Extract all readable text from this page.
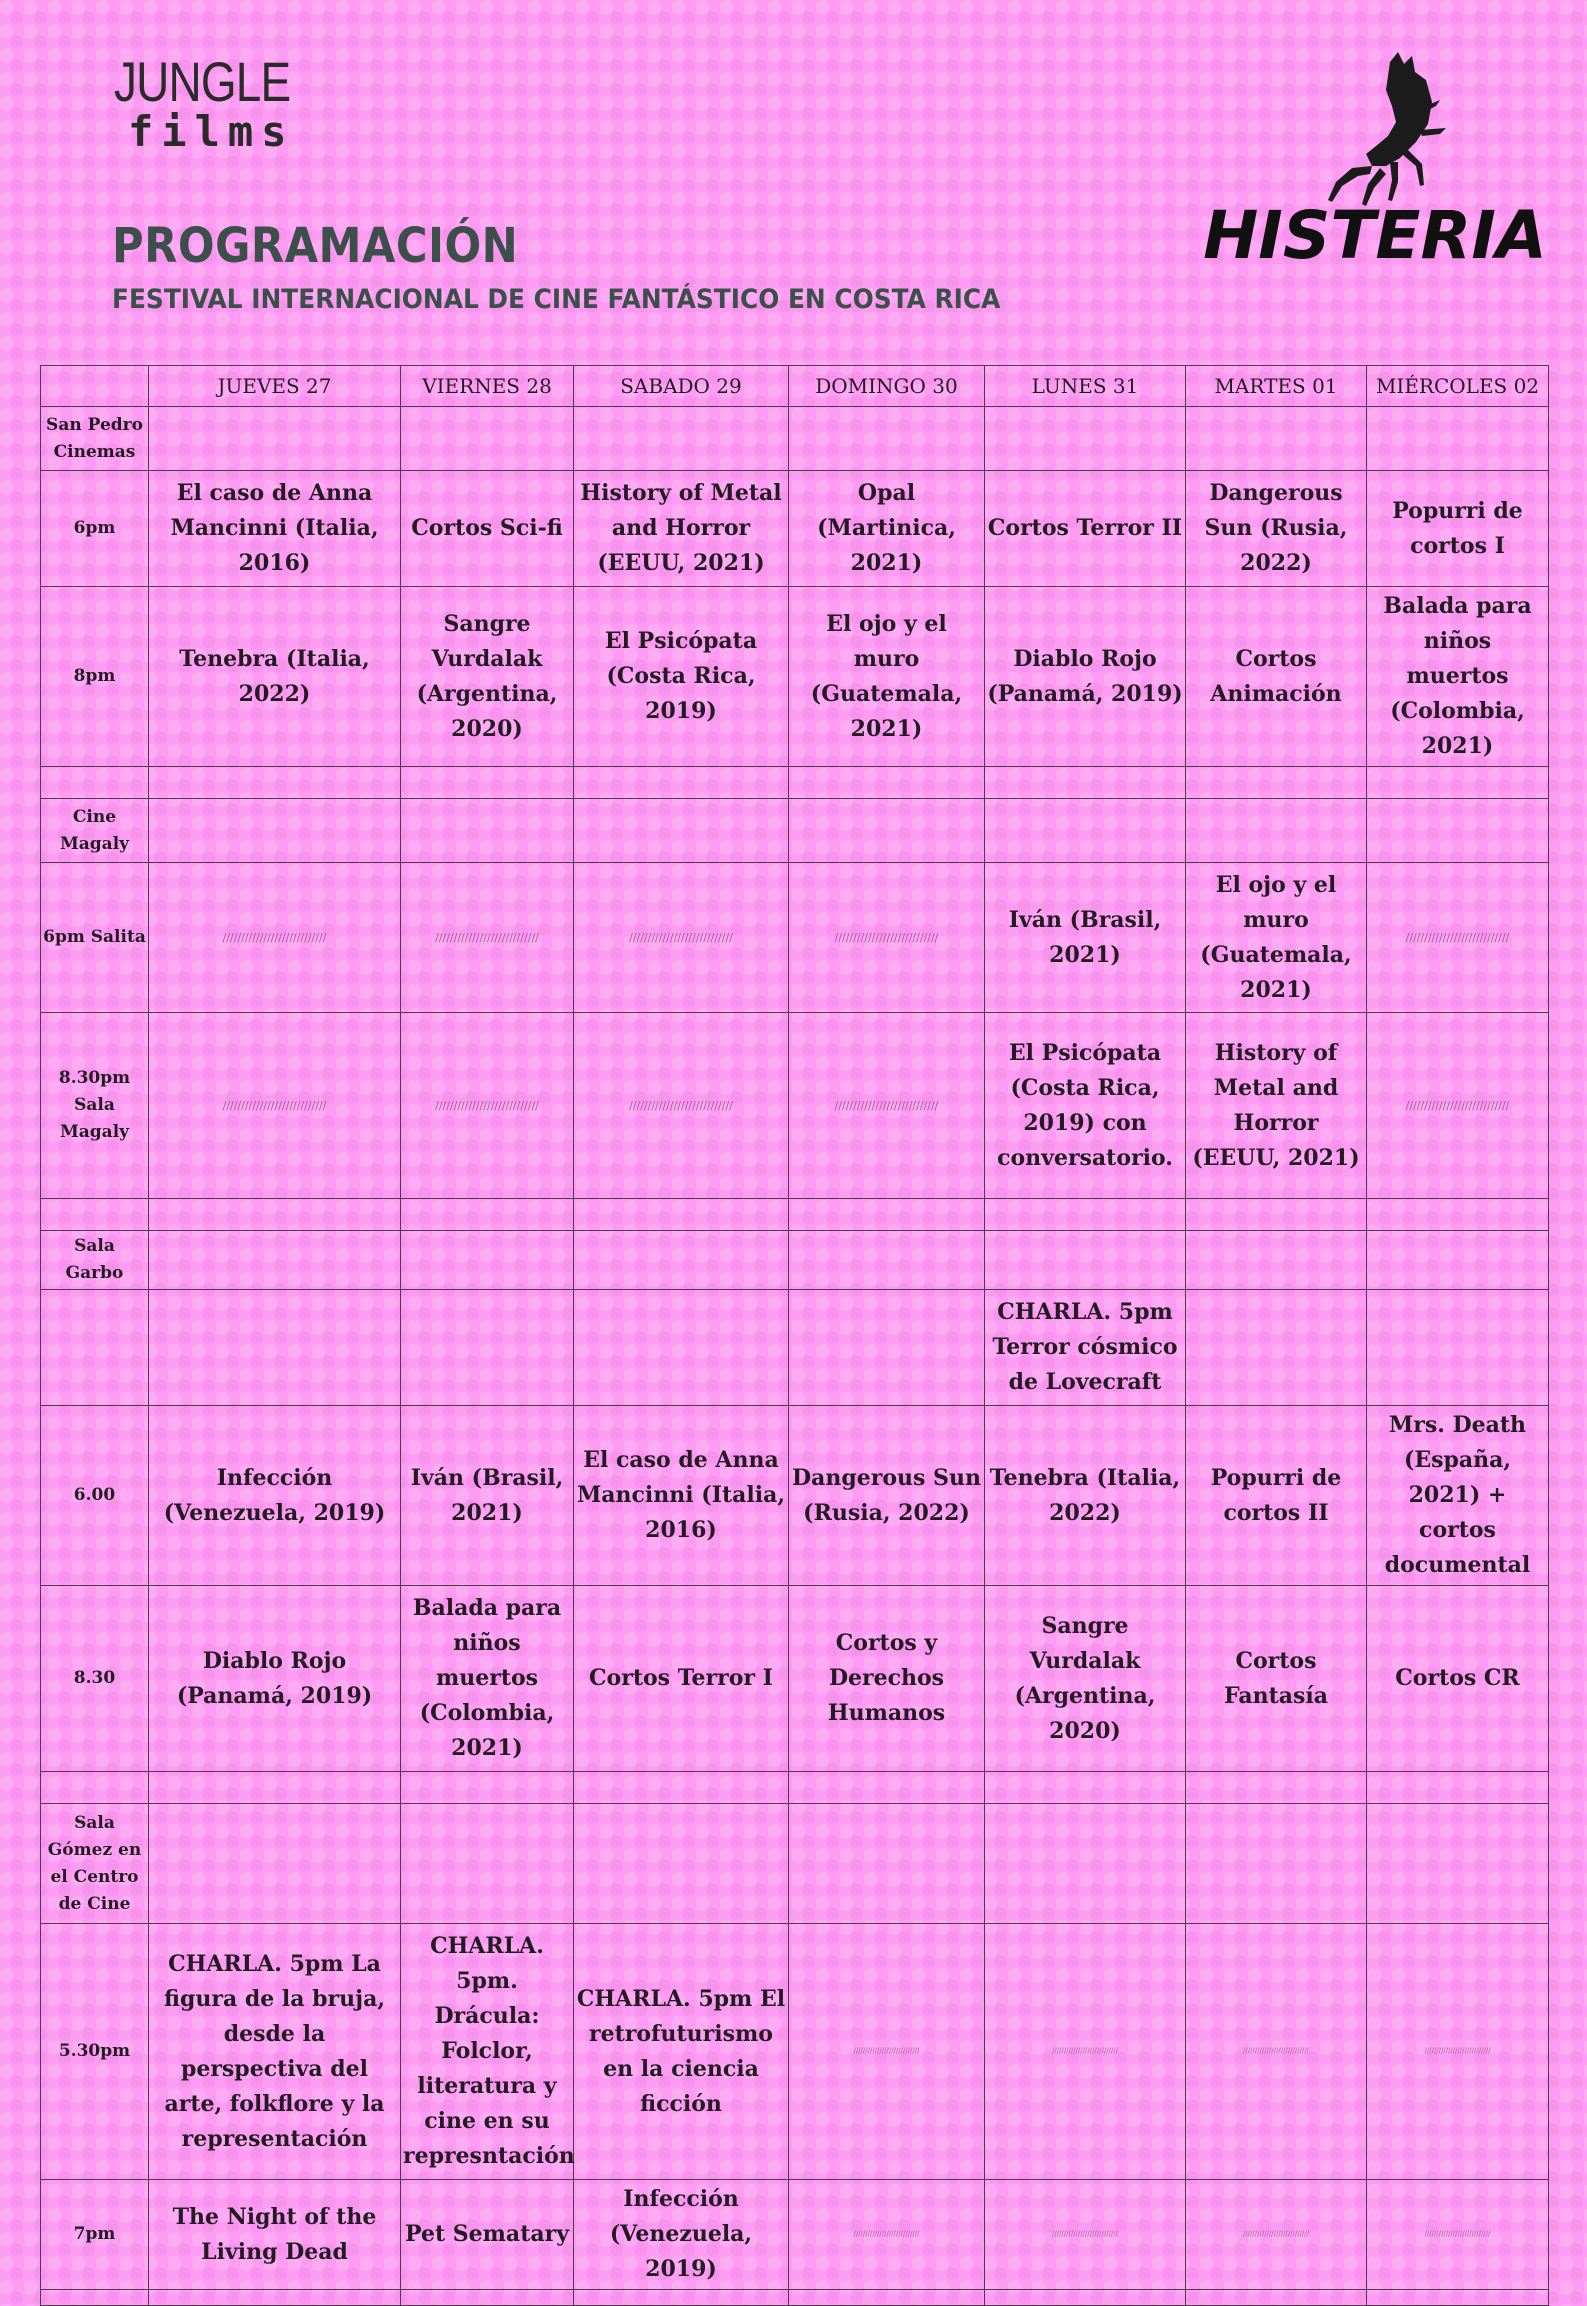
JUNGLE
films
HISTERIA
PROGRAMACIÓN
FESTIVAL INTERNACIONAL DE CINE FANTÁSTICO EN COSTA RICA
	JUEVES 27	VIERNES 28	SABADO 29	DOMINGO 30	LUNES 31	MARTES 01	MIÉRCOLES 02
San Pedro Cinemas							
6pm	El caso de Anna Mancinni (Italia, 2016)	Cortos Sci-fi	History of Metal and Horror (EEUU, 2021)	Opal (Martinica, 2021)	Cortos Terror II	Dangerous Sun (Rusia, 2022)	Popurri de cortos I
8pm	Tenebra (Italia, 2022)	Sangre Vurdalak (Argentina, 2020)	El Psicópata (Costa Rica, 2019)	El ojo y el muro (Guatemala, 2021)	Diablo Rojo (Panamá, 2019)	Cortos Animación	Balada para niños muertos (Colombia, 2021)

Cine Magaly							
6pm Salita	////////////////////////////	////////////////////////////	////////////////////////////	////////////////////////////	Iván (Brasil, 2021)	El ojo y el muro (Guatemala, 2021)	////////////////////////////
8.30pm Sala Magaly	////////////////////////////	////////////////////////////	////////////////////////////	////////////////////////////	El Psicópata (Costa Rica, 2019) con conversatorio.	History of Metal and Horror (EEUU, 2021)	////////////////////////////

Sala Garbo							
					CHARLA. 5pm Terror cósmico de Lovecraft		
6.00	Infección (Venezuela, 2019)	Iván (Brasil, 2021)	El caso de Anna Mancinni (Italia, 2016)	Dangerous Sun (Rusia, 2022)	Tenebra (Italia, 2022)	Popurri de cortos II	Mrs. Death (España, 2021) + cortos documental
8.30	Diablo Rojo (Panamá, 2019)	Balada para niños muertos (Colombia, 2021)	Cortos Terror I	Cortos y Derechos Humanos	Sangre Vurdalak (Argentina, 2020)	Cortos Fantasía	Cortos CR

Sala Gómez en el Centro de Cine							
5.30pm	CHARLA. 5pm La figura de la bruja, desde la perspectiva del arte, folkflore y la representación	CHARLA. 5pm. Drácula: Folclor, literatura y cine en su represntación	CHARLA. 5pm El retrofuturismo en la ciencia ficción	////////////////////////////	////////////////////////////	////////////////////////////	////////////////////////////
7pm	The Night of the Living Dead	Pet Sematary	Infección (Venezuela, 2019)	////////////////////////////	////////////////////////////	////////////////////////////	////////////////////////////
